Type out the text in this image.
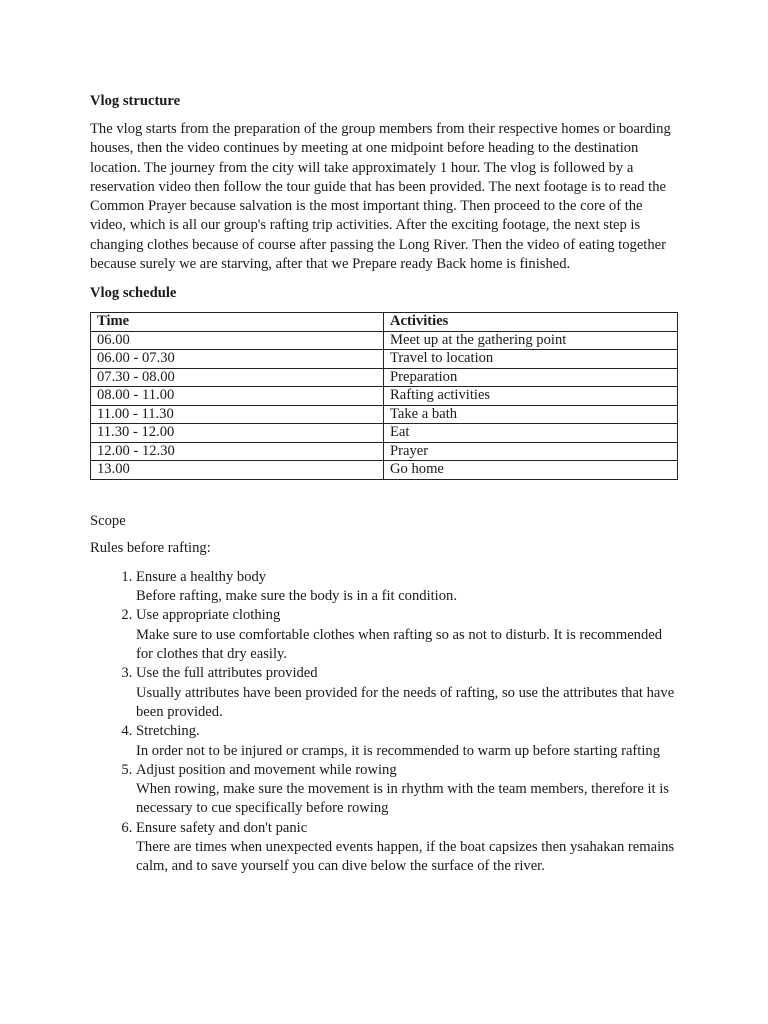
Vlog structure
The vlog starts from the preparation of the group members from their respective homes or boarding houses, then the video continues by meeting at one midpoint before heading to the destination location. The journey from the city will take approximately 1 hour. The vlog is followed by a reservation video then follow the tour guide that has been provided. The next footage is to read the Common Prayer because salvation is the most important thing. Then proceed to the core of the video, which is all our group's rafting trip activities. After the exciting footage, the next step is changing clothes because of course after passing the Long River. Then the video of eating together because surely we are starving, after that we Prepare ready Back home is finished.
Vlog schedule
Time	Activities
06.00	Meet up at the gathering point
06.00 - 07.30	Travel to location
07.30 - 08.00	Preparation
08.00 - 11.00	Rafting activities
11.00 - 11.30	Take a bath
11.30 - 12.00	Eat
12.00 - 12.30	Prayer
13.00	Go home
Scope
Rules before rafting:
1. Ensure a healthy body
Before rafting, make sure the body is in a fit condition.
2. Use appropriate clothing
Make sure to use comfortable clothes when rafting so as not to disturb. It is recommended for clothes that dry easily.
3. Use the full attributes provided
Usually attributes have been provided for the needs of rafting, so use the attributes that have been provided.
4. Stretching.
In order not to be injured or cramps, it is recommended to warm up before starting rafting
5. Adjust position and movement while rowing
When rowing, make sure the movement is in rhythm with the team members, therefore it is necessary to cue specifically before rowing
6. Ensure safety and don't panic
There are times when unexpected events happen, if the boat capsizes then ysahakan remains calm, and to save yourself you can dive below the surface of the river.
